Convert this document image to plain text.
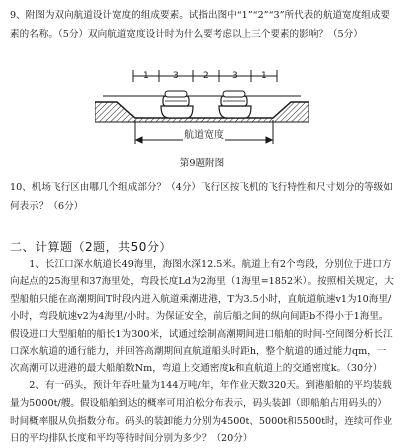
9、附图为双向航道设计宽度的组成要素。试指出图中“1”“2”“3”所代表的航道宽度组成要素的名称。（5分）双向航道宽度设计时为什么要考虑以上三个要素的影响？（5分）

1	3	2	3	1
航道宽度
第9题附图

10、机场飞行区由哪几个组成部分？（4分）飞行区按飞机的飞行特性和尺寸划分的等级如何表示？（6分）

二、计算题（2题，共50分）

1、长江口深水航道长49海里，海图水深12.5米。航道上有2个弯段，分别位于进口方向起点的25海里和37海里处，弯段长度Ld为2海里（1海里=1852米）。按照相关规定，大型船舶只能在高潮期间T时段内进入航道乘潮进港，T为3.5小时，直航道航速v1为10海里/小时，弯段航速v2为4海里/小时。为保证安全，前后船之间的纵向间距b不得小于1海里。假设进口大型船舶的船长1为300米，试通过绘制高潮期间进口船舶的时间-空间图分析长江口深水航道的通行能力，并回答高潮期间直航道船头时距h，整个航道的通过能力qm，一次高潮可以进港的最大船舶数Nm，弯道上交通密度k和直航道上的交通密度k。（30分）

2、有一码头，预计年吞吐量为144万吨/年，年作业天数320天。到港船舶的平均装载量为5000t/艘。假设船舶到达的概率可用泊松分布表示，码头装卸（即船舶占用码头的）时间概率服从负指数分布。码头的装卸能力分别为4500t、5000t和5500t时，连续可作业日的平均排队长度和平均等待时间分别为多少？（20分）
